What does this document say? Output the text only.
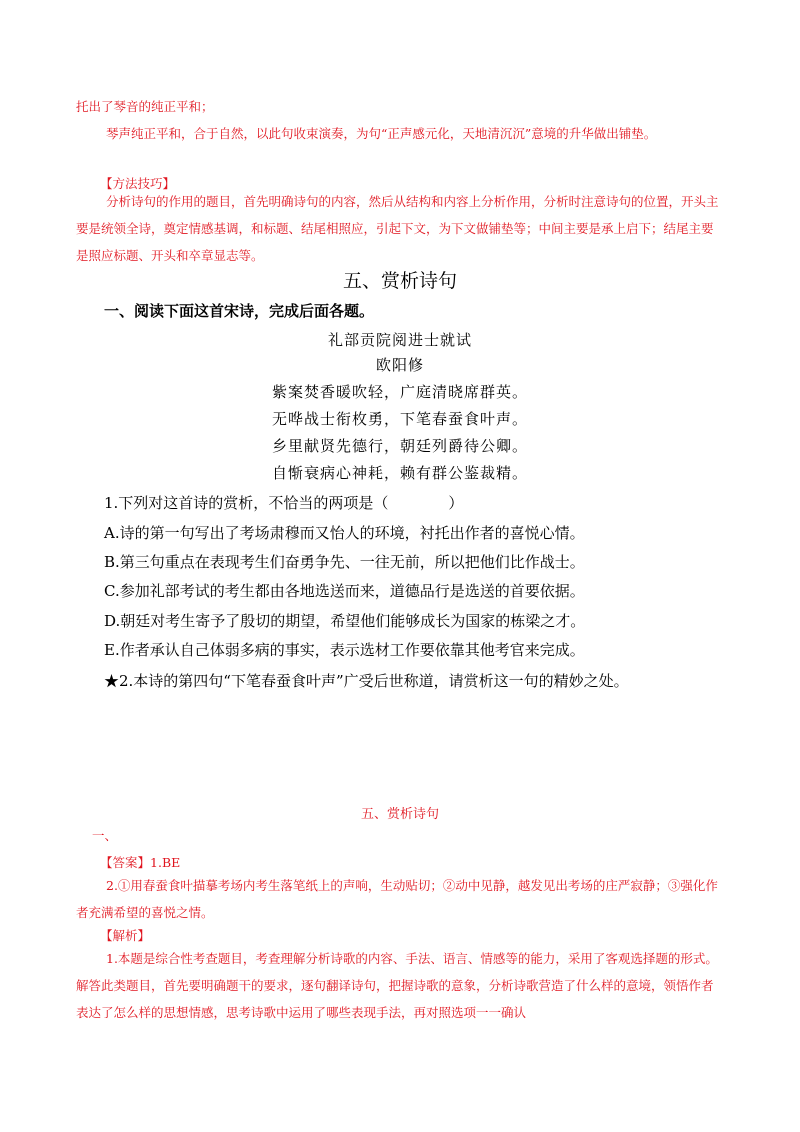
托出了琴音的纯正平和；

琴声纯正平和，合于自然，以此句收束演奏，为句“正声感元化，天地清沉沉”意境的升华做出铺垫。

【方法技巧】

分析诗句的作用的题目，首先明确诗句的内容，然后从结构和内容上分析作用，分析时注意诗句的位置，开头主要是统领全诗，奠定情感基调，和标题、结尾相照应，引起下文，为下文做铺垫等；中间主要是承上启下；结尾主要是照应标题、开头和卒章显志等。

五、赏析诗句

一、阅读下面这首宋诗，完成后面各题。

礼部贡院阅进士就试

欧阳修

紫案焚香暖吹轻，广庭清晓席群英。

无哗战士衔枚勇，下笔春蚕食叶声。

乡里献贤先德行，朝廷列爵待公卿。

自惭衰病心神耗，赖有群公鉴裁精。

1.下列对这首诗的赏析，不恰当的两项是（	）

A.诗的第一句写出了考场肃穆而又怡人的环境，衬托出作者的喜悦心情。

B.第三句重点在表现考生们奋勇争先、一往无前，所以把他们比作战士。

C.参加礼部考试的考生都由各地选送而来，道德品行是选送的首要依据。

D.朝廷对考生寄予了殷切的期望，希望他们能够成长为国家的栋梁之才。

E.作者承认自己体弱多病的事实，表示选材工作要依靠其他考官来完成。

★2.本诗的第四句“下笔春蚕食叶声”广受后世称道，请赏析这一句的精妙之处。

五、赏析诗句

一、

【答案】1.BE

2.①用春蚕食叶描摹考场内考生落笔纸上的声响，生动贴切；②动中见静，越发见出考场的庄严寂静；③强化作者充满希望的喜悦之情。

【解析】

1.本题是综合性考查题目，考查理解分析诗歌的内容、手法、语言、情感等的能力，采用了客观选择题的形式。解答此类题目，首先要明确题干的要求，逐句翻译诗句，把握诗歌的意象，分析诗歌营造了什么样的意境，领悟作者表达了怎么样的思想情感，思考诗歌中运用了哪些表现手法，再对照选项一一确认
